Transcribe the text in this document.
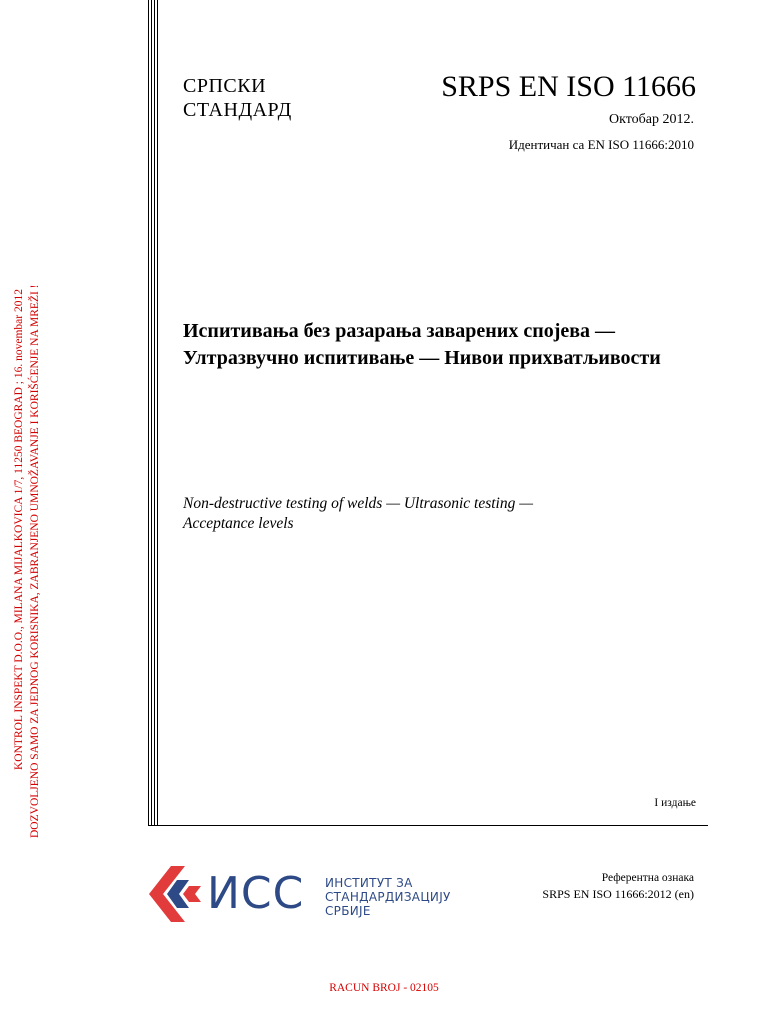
KONTROL INSPEKT D.O.O., MILANA MIJALKOVICA 1/7, 11250 BEOGRAD ; 16. novembar 2012 DOZVOLJENO SAMO ZA JEDNOG KORISNIKA, ZABRANJENO UMNOŽAVANJE I KORIŠĆENJE NA MREŽI !
СРПСКИ
СТАНДАРД
SRPS EN ISO 11666
Октобар 2012.
Идентичан са EN ISO 11666:2010
Испитивања без разарања заварених спојева — Ултразвучно испитивање — Нивои прихватљивости
Non-destructive testing of welds — Ultrasonic testing —
Acceptance levels
I издање
ИСС ИНСТИТУТ ЗА
СТАНДАРДИЗАЦИЈУ
СРБИЈЕ
Референтна ознака
SRPS EN ISO 11666:2012 (en)
RACUN BROJ - 02105
